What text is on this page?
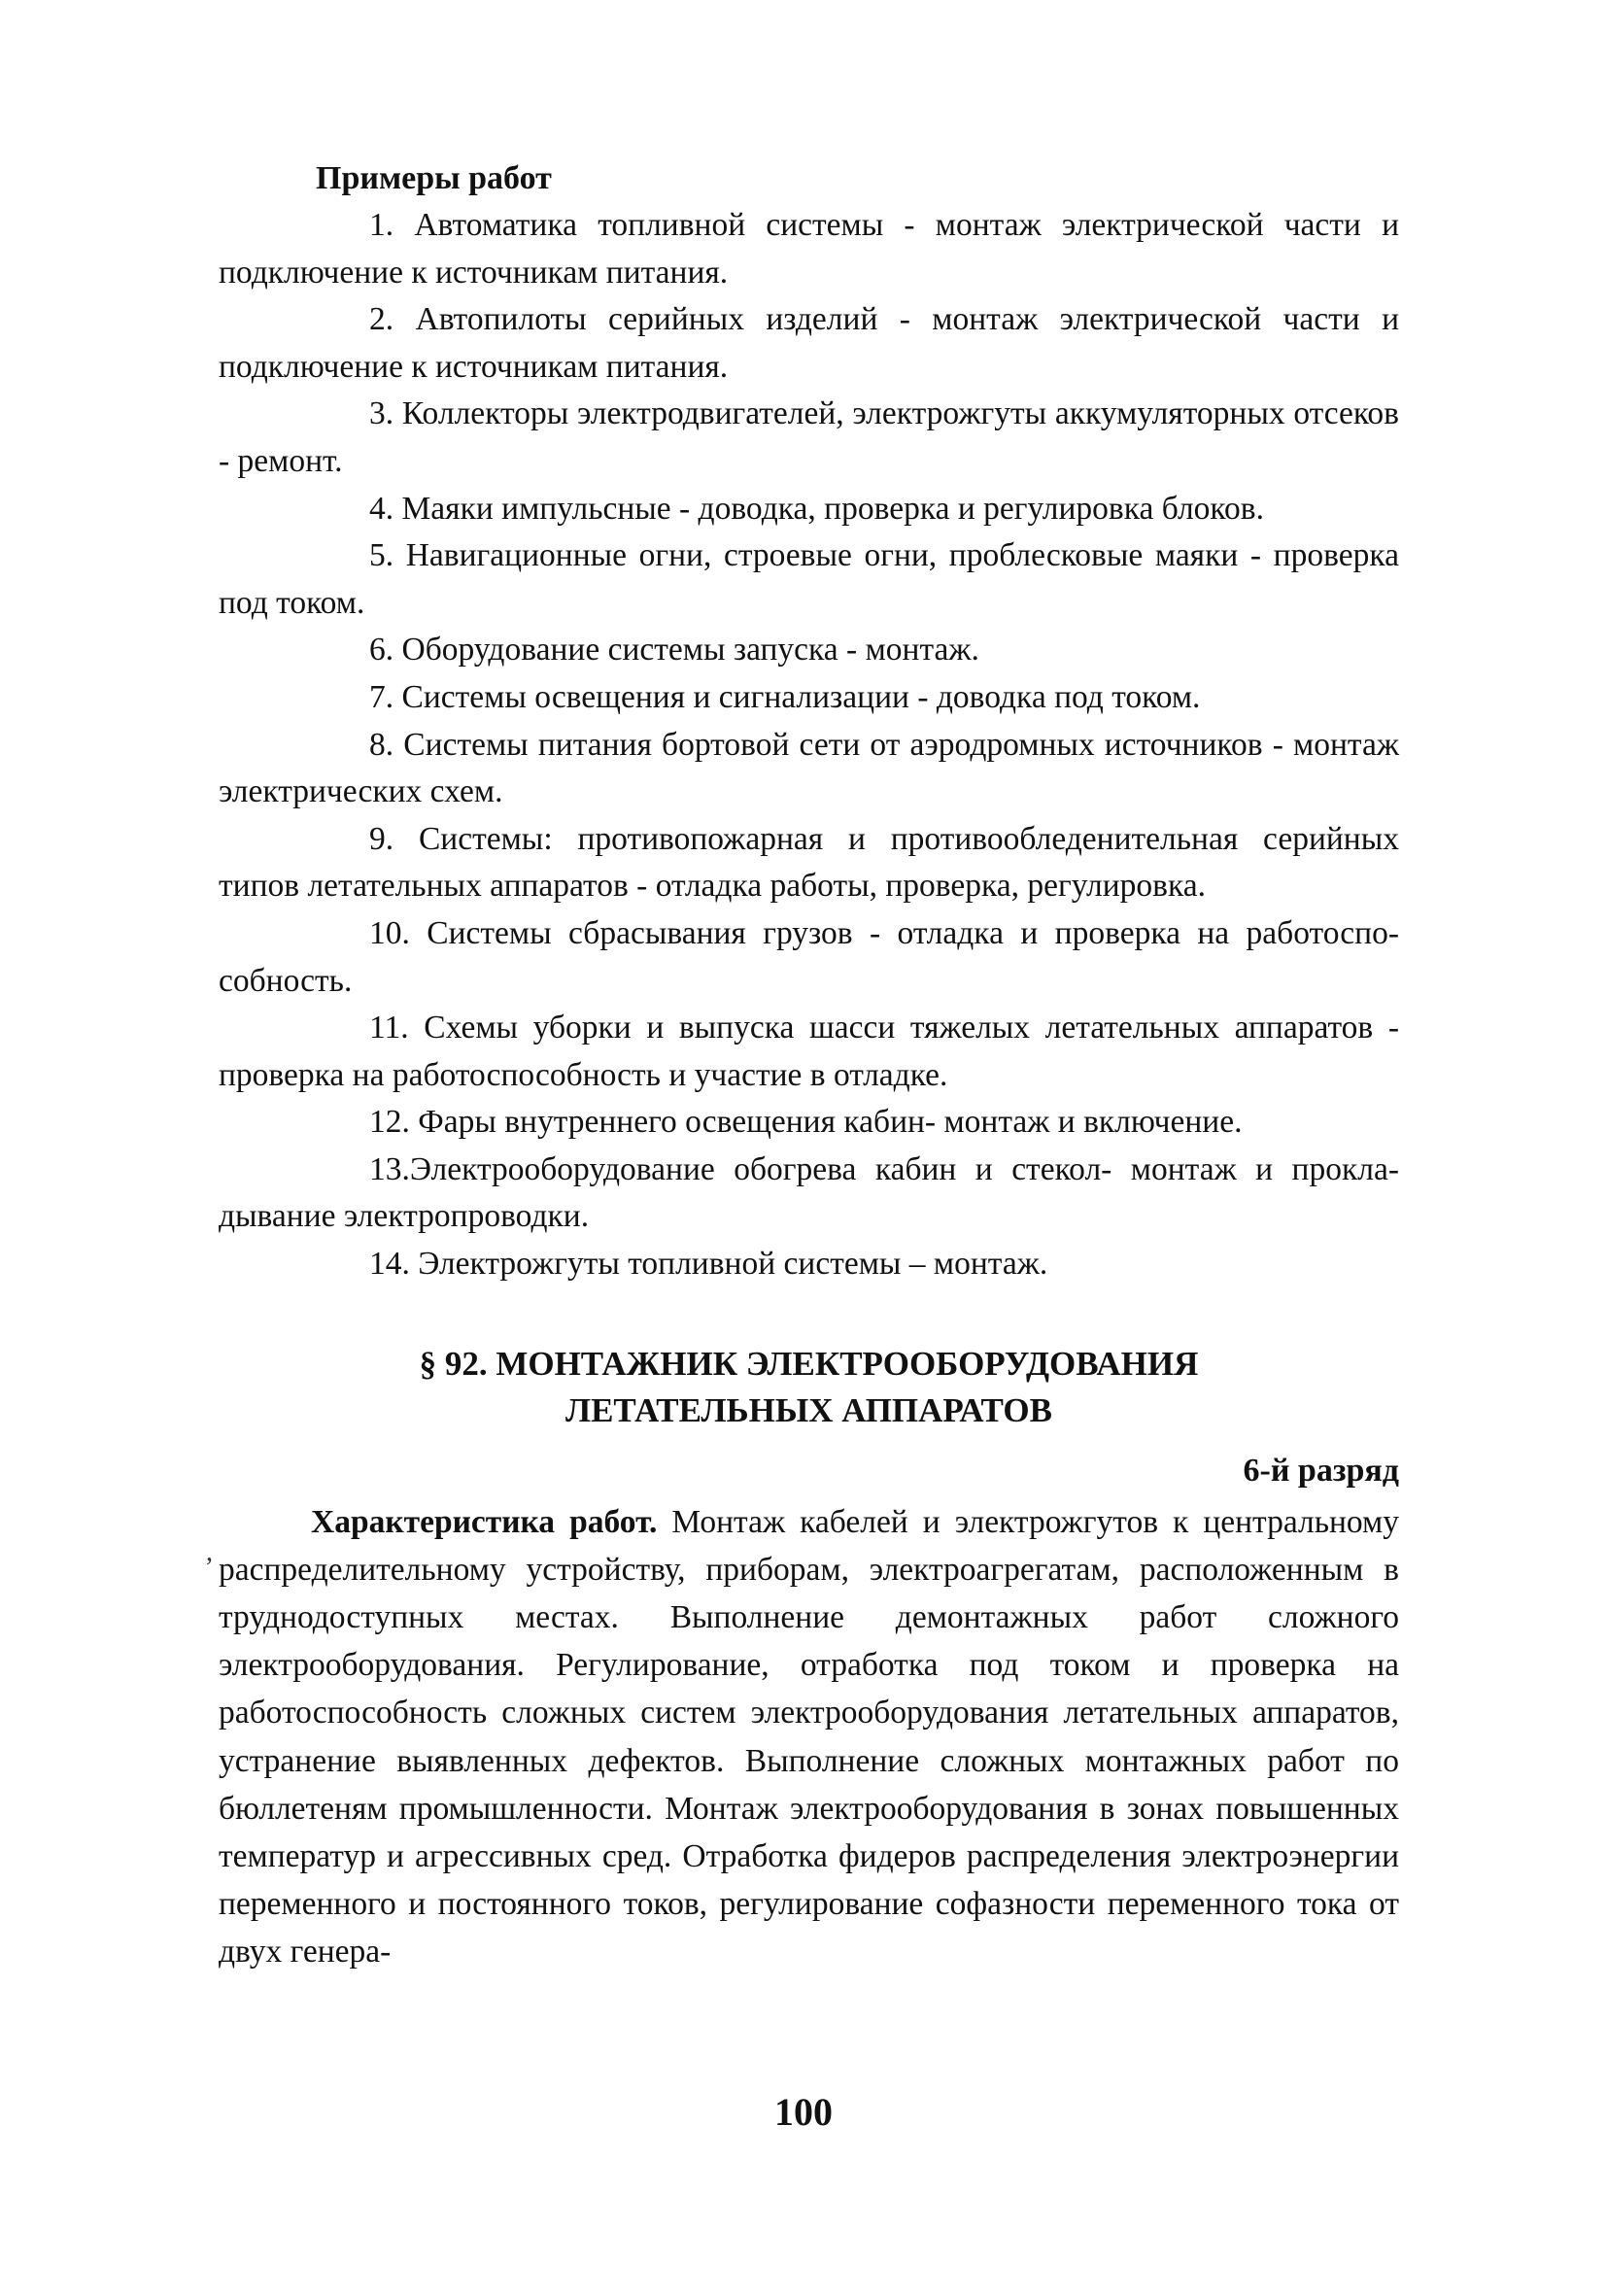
Примеры работ

1. Автоматика топливной системы - монтаж электрической части и подключение к источникам питания.
2. Автопилоты серийных изделий - монтаж электрической части и подключение к источникам питания.
3. Коллекторы электродвигателей, электрожгуты аккумуляторных отсеков - ремонт.
4. Маяки импульсные - доводка, проверка и регулировка блоков.
5. Навигационные огни, строевые огни, проблесковые маяки - проверка под током.
6. Оборудование системы запуска - монтаж.
7. Системы освещения и сигнализации - доводка под током.
8. Системы питания бортовой сети от аэродромных источников - монтаж электрических схем.
9. Системы: противопожарная и противообледенительная серийных типов летательных аппаратов - отладка работы, проверка, регулировка.
10. Системы сбрасывания грузов - отладка и проверка на работоспособность.
11. Схемы уборки и выпуска шасси тяжелых летательных аппаратов - проверка на работоспособность и участие в отладке.
12. Фары внутреннего освещения кабин- монтаж и включение.
13.Электрооборудование обогрева кабин и стекол- монтаж и прокладывание электропроводки.
14. Электрожгуты топливной системы – монтаж.
§ 92. МОНТАЖНИК ЭЛЕКТРООБОРУДОВАНИЯ
ЛЕТАТЕЛЬНЫХ АППАРАТОВ

6-й разряд

Характеристика работ. Монтаж кабелей и электрожгутов к центральному распределительному устройству, приборам, электроагрегатам, расположенным в труднодоступных местах. Выполнение демонтажных работ сложного электрооборудования. Регулирование, отработка под током и проверка на работоспособность сложных систем электрооборудования летательных аппаратов, устранение выявленных дефектов. Выполнение сложных монтажных работ по бюллетеням промышленности. Монтаж электрооборудования в зонах повышенных температур и агрессивных сред. Отработка фидеров распределения электроэнергии переменного и постоянного токов, регулирование софазности переменного тока от двух генера-

,
100
